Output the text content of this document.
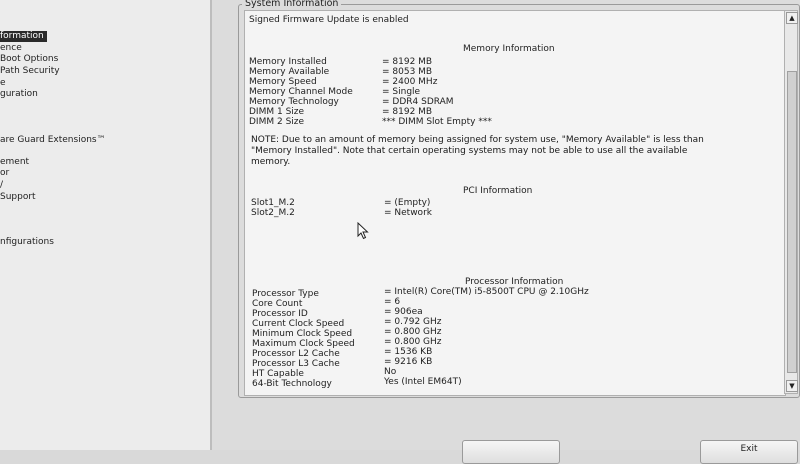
formation
ence
Boot Options
Path Security
e
guration
are Guard Extensions™
ement
or
/
Support
nfigurations
System Information
Signed Firmware Update is enabled
Memory Information
Memory Installed	= 8192 MB
Memory Available	= 8053 MB
Memory Speed	= 2400 MHz
Memory Channel Mode	= Single
Memory Technology	= DDR4 SDRAM
DIMM 1 Size	= 8192 MB
DIMM 2 Size	*** DIMM Slot Empty ***
NOTE: Due to an amount of memory being assigned for system use, "Memory Available" is less than "Memory Installed". Note that certain operating systems may not be able to use all the available memory.
PCI Information
Slot1_M.2	= (Empty)
Slot2_M.2	= Network
Processor Information
Processor Type	= Intel(R) Core(TM) i5-8500T CPU @ 2.10GHz
Core Count	= 6
Processor ID	= 906ea
Current Clock Speed	= 0.792 GHz
Minimum Clock Speed	= 0.800 GHz
Maximum Clock Speed	= 0.800 GHz
Processor L2 Cache	= 1536 KB
Processor L3 Cache	= 9216 KB
HT Capable	No
64-Bit Technology	Yes (Intel EM64T)
▲
▼
Exit
